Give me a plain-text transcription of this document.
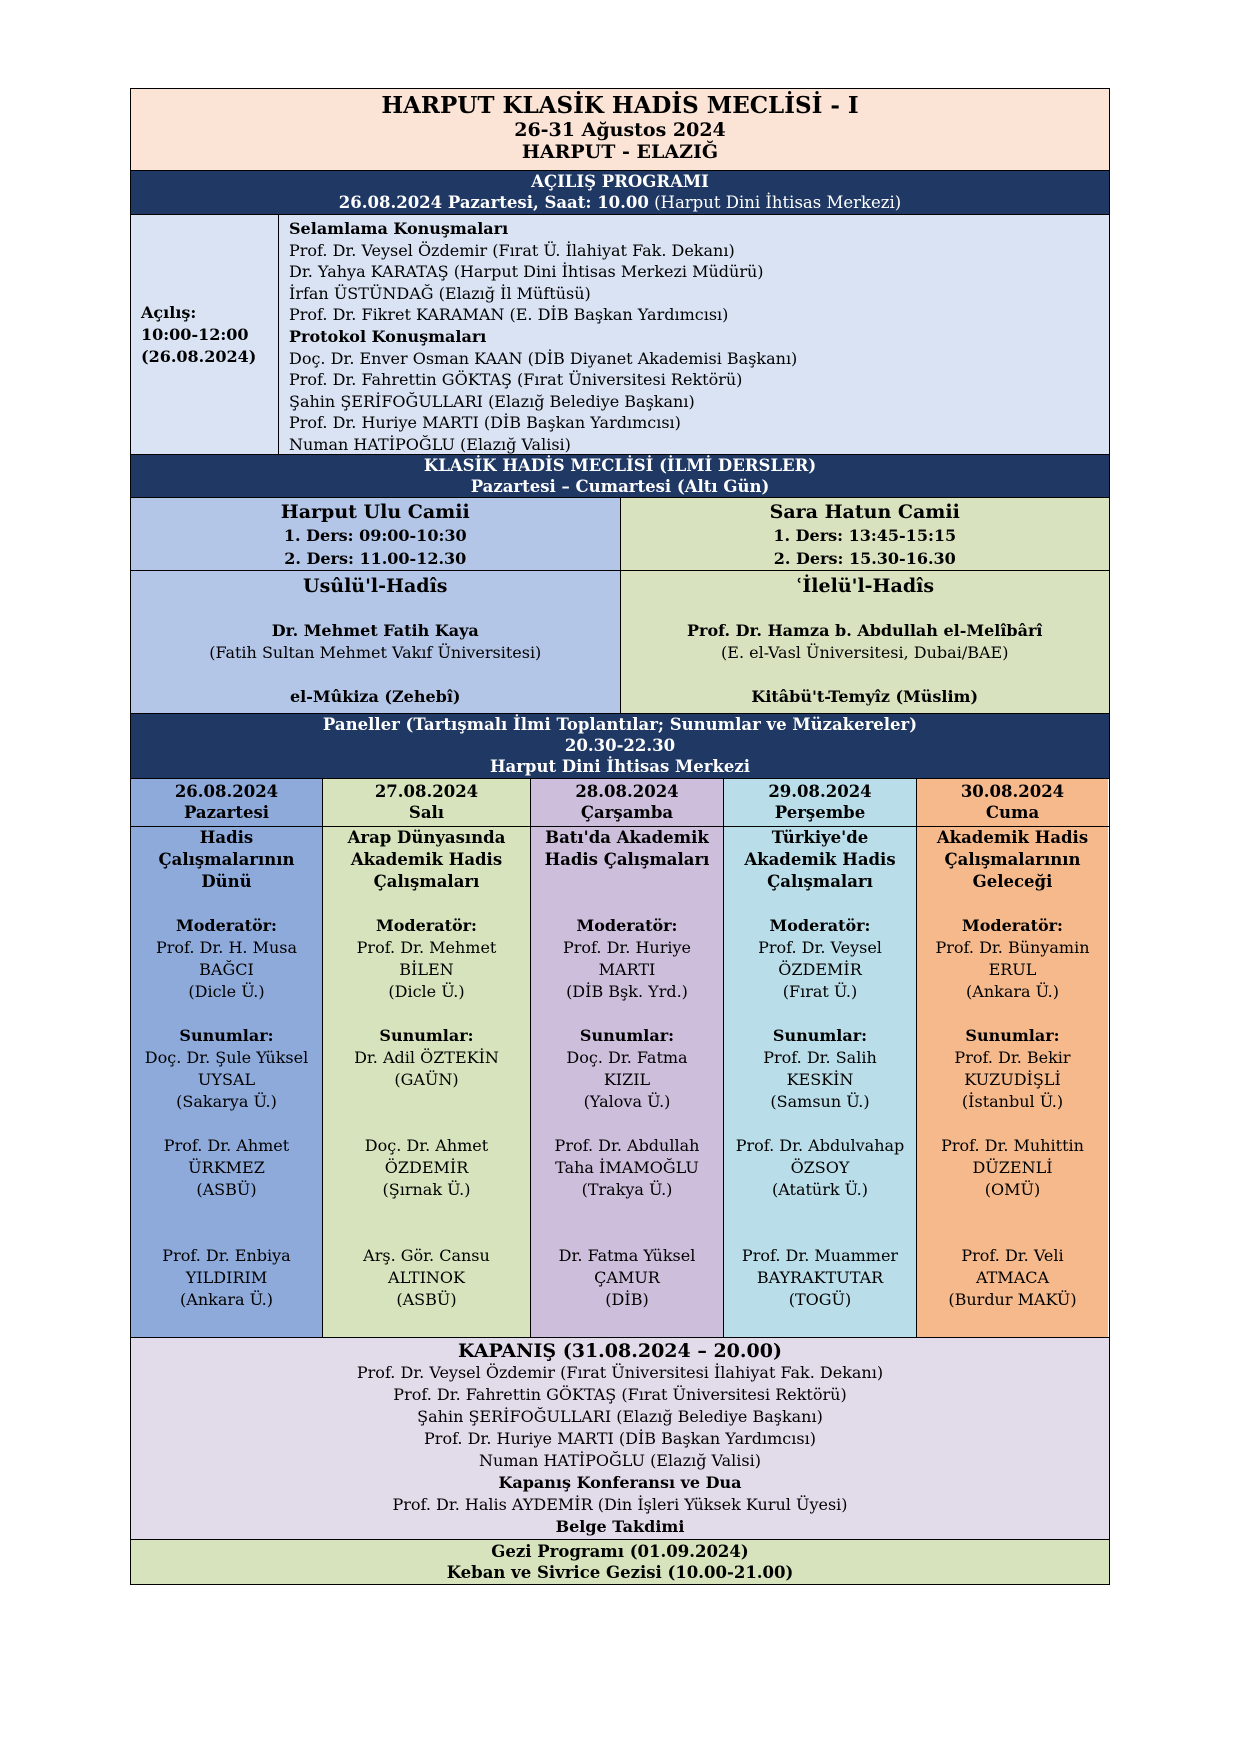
HARPUT KLASİK HADİS MECLİSİ - I
26-31 Ağustos 2024
HARPUT - ELAZIĞ
AÇILIŞ PROGRAMI
26.08.2024 Pazartesi, Saat: 10.00 (Harput Dini İhtisas Merkezi)
Açılış:
10:00-12:00
(26.08.2024)
Selamlama Konuşmaları
Prof. Dr. Veysel Özdemir (Fırat Ü. İlahiyat Fak. Dekanı)
Dr. Yahya KARATAŞ (Harput Dini İhtisas Merkezi Müdürü)
İrfan ÜSTÜNDAĞ (Elazığ İl Müftüsü)
Prof. Dr. Fikret KARAMAN (E. DİB Başkan Yardımcısı)
Protokol Konuşmaları
Doç. Dr. Enver Osman KAAN (DİB Diyanet Akademisi Başkanı)
Prof. Dr. Fahrettin GÖKTAŞ (Fırat Üniversitesi Rektörü)
Şahin ŞERİFOĞULLARI (Elazığ Belediye Başkanı)
Prof. Dr. Huriye MARTI (DİB Başkan Yardımcısı)
Numan HATİPOĞLU (Elazığ Valisi)
KLASİK HADİS MECLİSİ (İLMİ DERSLER)
Pazartesi – Cumartesi (Altı Gün)
Harput Ulu Camii
1. Ders: 09:00-10:30
2. Ders: 11.00-12.30
Sara Hatun Camii
1. Ders: 13:45-15:15
2. Ders: 15.30-16.30
Usûlü'l-Hadîs
Dr. Mehmet Fatih Kaya
(Fatih Sultan Mehmet Vakıf Üniversitesi)
el-Mûkiza (Zehebî)
ʿİlelü'l-Hadîs
Prof. Dr. Hamza b. Abdullah el-Melîbârî
(E. el-Vasl Üniversitesi, Dubai/BAE)
Kitâbü't-Temyîz (Müslim)
Paneller (Tartışmalı İlmi Toplantılar; Sunumlar ve Müzakereler)
20.30-22.30
Harput Dini İhtisas Merkezi
26.08.2024
Pazartesi
27.08.2024
Salı
28.08.2024
Çarşamba
29.08.2024
Perşembe
30.08.2024
Cuma
Hadis
Çalışmalarının
Dünü
Moderatör:
Prof. Dr. H. Musa
BAĞCI
(Dicle Ü.)
Sunumlar:
Doç. Dr. Şule Yüksel
UYSAL
(Sakarya Ü.)
Prof. Dr. Ahmet
ÜRKMEZ
(ASBÜ)
Prof. Dr. Enbiya
YILDIRIM
(Ankara Ü.)
Arap Dünyasında
Akademik Hadis
Çalışmaları
Moderatör:
Prof. Dr. Mehmet
BİLEN
(Dicle Ü.)
Sunumlar:
Dr. Adil ÖZTEKİN
(GAÜN)
Doç. Dr. Ahmet
ÖZDEMİR
(Şırnak Ü.)
Arş. Gör. Cansu
ALTINOK
(ASBÜ)
Batı'da Akademik
Hadis Çalışmaları
Moderatör:
Prof. Dr. Huriye
MARTI
(DİB Bşk. Yrd.)
Sunumlar:
Doç. Dr. Fatma
KIZIL
(Yalova Ü.)
Prof. Dr. Abdullah
Taha İMAMOĞLU
(Trakya Ü.)
Dr. Fatma Yüksel
ÇAMUR
(DİB)
Türkiye'de
Akademik Hadis
Çalışmaları
Moderatör:
Prof. Dr. Veysel
ÖZDEMİR
(Fırat Ü.)
Sunumlar:
Prof. Dr. Salih
KESKİN
(Samsun Ü.)
Prof. Dr. Abdulvahap
ÖZSOY
(Atatürk Ü.)
Prof. Dr. Muammer
BAYRAKTUTAR
(TOGÜ)
Akademik Hadis
Çalışmalarının
Geleceği
Moderatör:
Prof. Dr. Bünyamin
ERUL
(Ankara Ü.)
Sunumlar:
Prof. Dr. Bekir
KUZUDİŞLİ
(İstanbul Ü.)
Prof. Dr. Muhittin
DÜZENLİ
(OMÜ)
Prof. Dr. Veli
ATMACA
(Burdur MAKÜ)
KAPANIŞ (31.08.2024 – 20.00)
Prof. Dr. Veysel Özdemir (Fırat Üniversitesi İlahiyat Fak. Dekanı)
Prof. Dr. Fahrettin GÖKTAŞ (Fırat Üniversitesi Rektörü)
Şahin ŞERİFOĞULLARI (Elazığ Belediye Başkanı)
Prof. Dr. Huriye MARTI (DİB Başkan Yardımcısı)
Numan HATİPOĞLU (Elazığ Valisi)
Kapanış Konferansı ve Dua
Prof. Dr. Halis AYDEMİR (Din İşleri Yüksek Kurul Üyesi)
Belge Takdimi
Gezi Programı (01.09.2024)
Keban ve Sivrice Gezisi (10.00-21.00)
